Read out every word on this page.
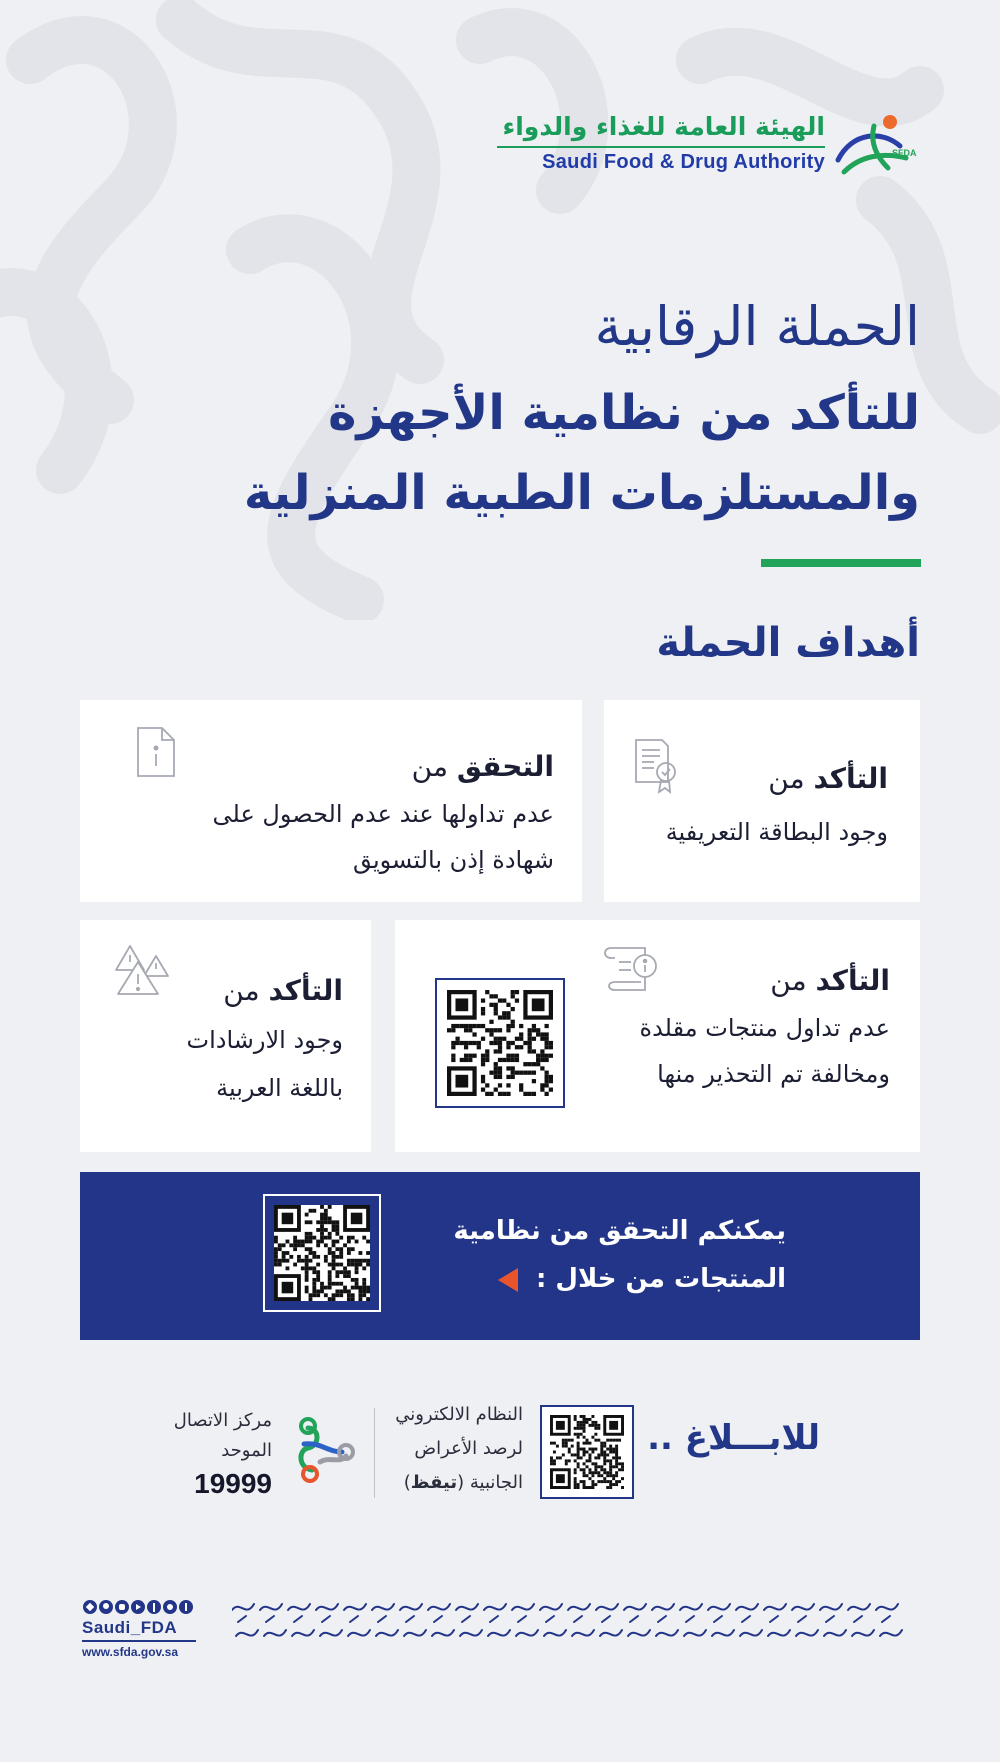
الهيئة العامة للغذاء والدواء
Saudi Food & Drug Authority	SFDA
الحملة الرقابية
للتأكد من نظامية الأجهزة
والمستلزمات الطبية المنزلية
أهداف الحملة
التأكد من
وجود البطاقة التعريفية
التحقق من
عدم تداولها عند عدم الحصول على
شهادة إذن بالتسويق
التأكد من
عدم تداول منتجات مقلدة
ومخالفة تم التحذير منها
التأكد من
وجود الارشادات
باللغة العربية
يمكنكم التحقق من نظامية
المنتجات من خلال :
للابـــلاغ ..
النظام الالكتروني
لرصد الأعراض
الجانبية (تيقظ)
مركز الاتصال
الموحد
19999
Saudi_FDA
www.sfda.gov.sa
